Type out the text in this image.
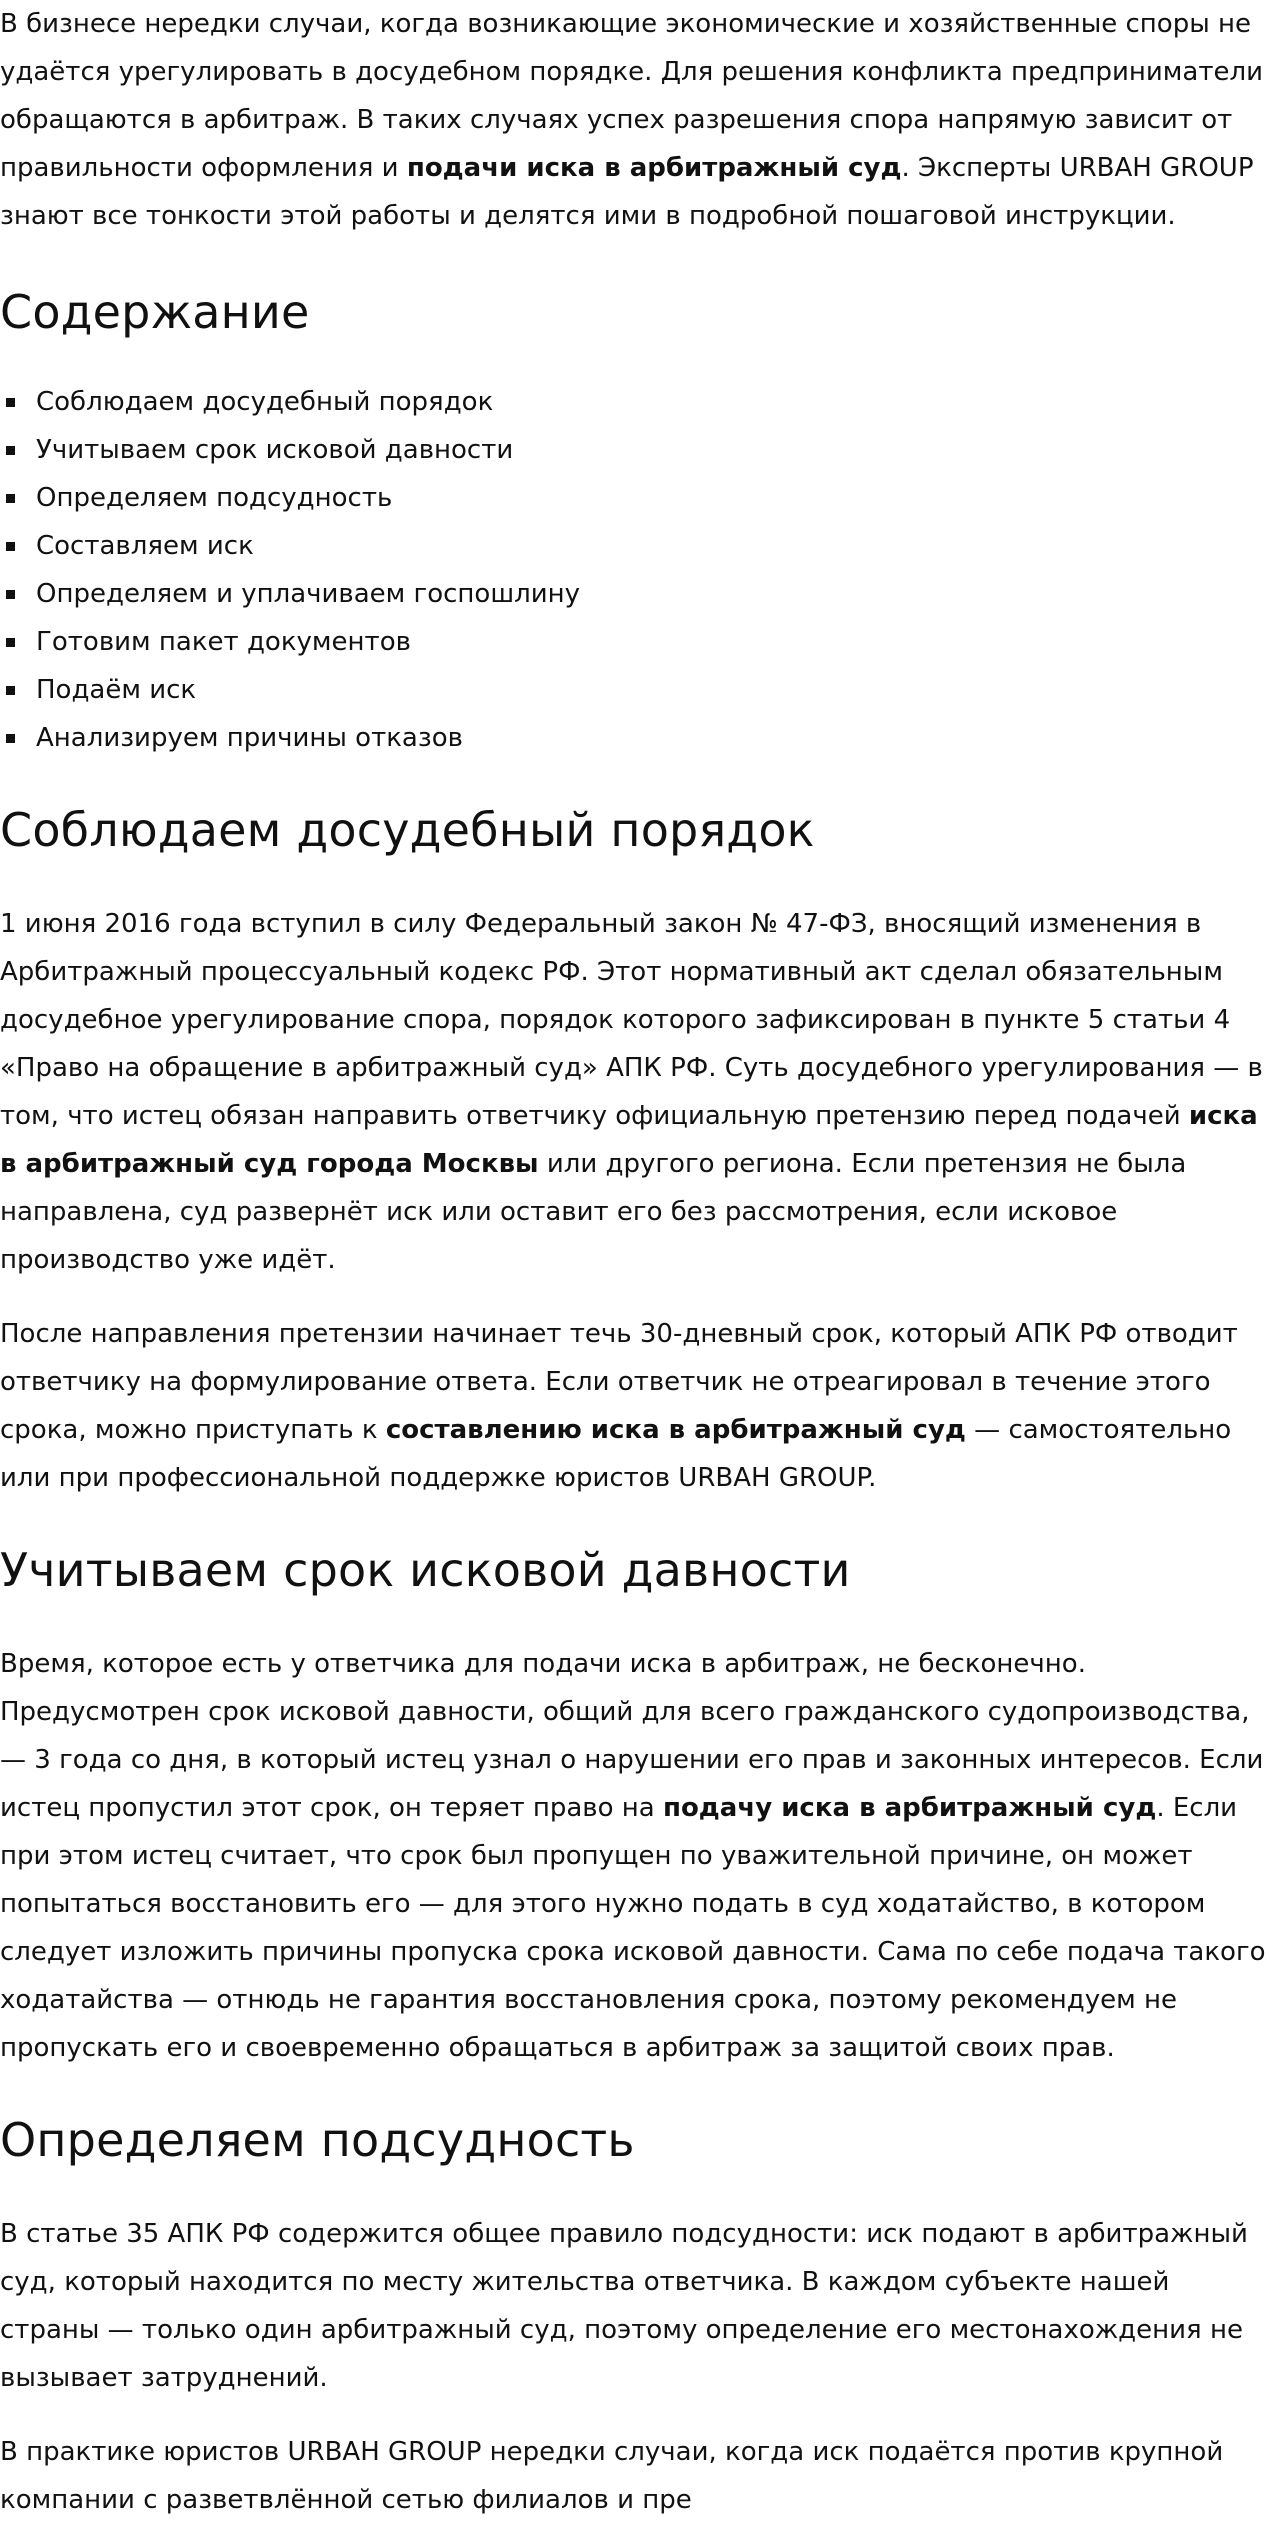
В бизнесе нередки случаи, когда возникающие экономические и хозяйственные споры не удаётся урегулировать в досудебном порядке. Для решения конфликта предприниматели обращаются в арбитраж. В таких случаях успех разрешения спора напрямую зависит от правильности оформления и подачи иска в арбитражный суд. Эксперты URBAH GROUP знают все тонкости этой работы и делятся ими в подробной пошаговой инструкции.

Содержание
Соблюдаем досудебный порядок
Учитываем срок исковой давности
Определяем подсудность
Составляем иск
Определяем и уплачиваем госпошлину
Готовим пакет документов
Подаём иск
Анализируем причины отказов
Соблюдаем досудебный порядок

1 июня 2016 года вступил в силу Федеральный закон № 47-ФЗ, вносящий изменения в Арбитражный процессуальный кодекс РФ. Этот нормативный акт сделал обязательным досудебное урегулирование спора, порядок которого зафиксирован в пункте 5 статьи 4 «Право на обращение в арбитражный суд» АПК РФ. Суть досудебного урегулирования — в том, что истец обязан направить ответчику официальную претензию перед подачей иска в арбитражный суд города Москвы или другого региона. Если претензия не была направлена, суд развернёт иск или оставит его без рассмотрения, если исковое производство уже идёт.

После направления претензии начинает течь 30-дневный срок, который АПК РФ отводит ответчику на формулирование ответа. Если ответчик не отреагировал в течение этого срока, можно приступать к составлению иска в арбитражный суд — самостоятельно или при профессиональной поддержке юристов URBAH GROUP.

Учитываем срок исковой давности

Время, которое есть у ответчика для подачи иска в арбитраж, не бесконечно. Предусмотрен срок исковой давности, общий для всего гражданского судопроизводства, — 3 года со дня, в который истец узнал о нарушении его прав и законных интересов. Если истец пропустил этот срок, он теряет право на подачу иска в арбитражный суд. Если при этом истец считает, что срок был пропущен по уважительной причине, он может попытаться восстановить его — для этого нужно подать в суд ходатайство, в котором следует изложить причины пропуска срока исковой давности. Сама по себе подача такого ходатайства — отнюдь не гарантия восстановления срока, поэтому рекомендуем не пропускать его и своевременно обращаться в арбитраж за защитой своих прав.

Определяем подсудность

В статье 35 АПК РФ содержится общее правило подсудности: иск подают в арбитражный суд, который находится по месту жительства ответчика. В каждом субъекте нашей страны — только один арбитражный суд, поэтому определение его местонахождения не вызывает затруднений.

В практике юристов URBAH GROUP нередки случаи, когда иск подаётся против крупной компании с разветвлённой сетью филиалов и пре
